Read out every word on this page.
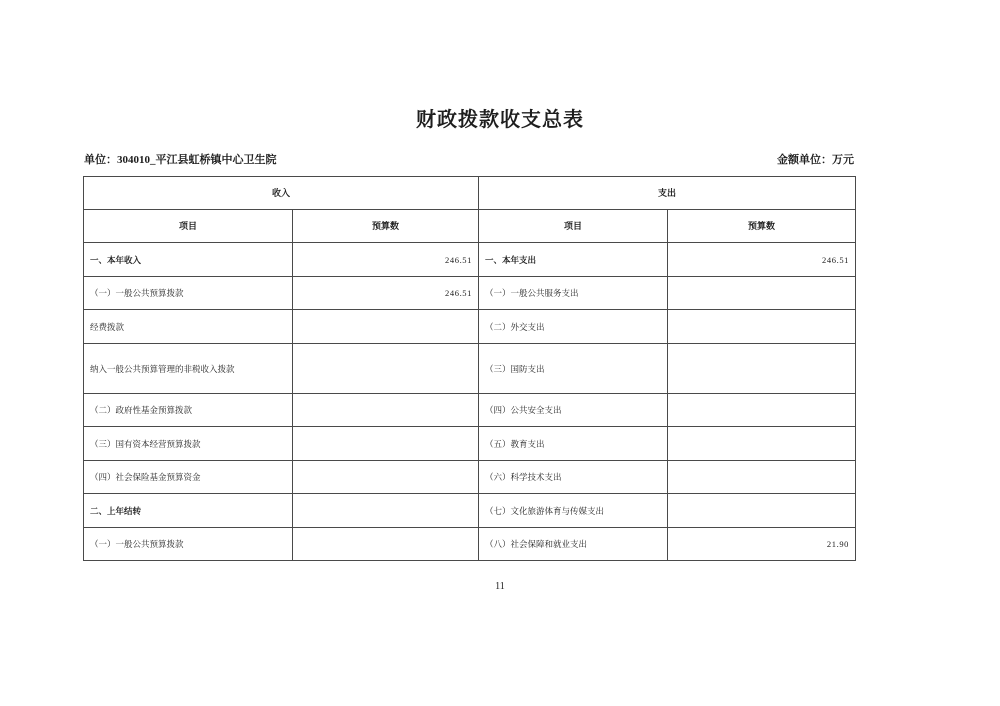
财政拨款收支总表
单位：304010_平江县虹桥镇中心卫生院	金额单位：万元
收入		支出	
项目	预算数	项目	预算数
一、本年收入	246.51	一、本年支出	246.51
（一）一般公共预算拨款	246.51	（一）一般公共服务支出	
经费拨款		（二）外交支出	
纳入一般公共预算管理的非税收入拨款		（三）国防支出	
（二）政府性基金预算拨款		（四）公共安全支出	
（三）国有资本经营预算拨款		（五）教育支出	
（四）社会保险基金预算资金		（六）科学技术支出	
二、上年结转		（七）文化旅游体育与传媒支出	
（一）一般公共预算拨款		（八）社会保障和就业支出	21.90
11
